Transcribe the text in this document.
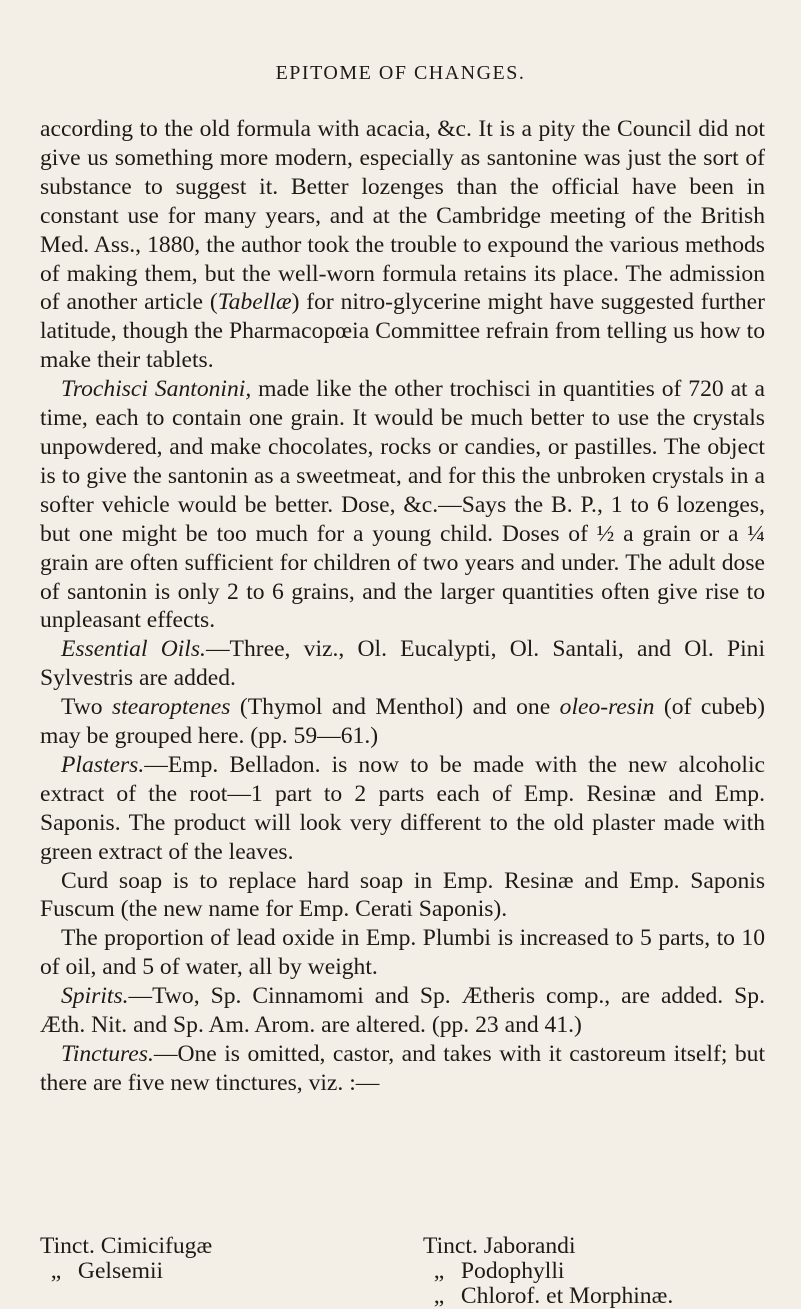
EPITOME OF CHANGES.

according to the old formula with acacia, &c. It is a pity the Council did not give us something more modern, especially as santonine was just the sort of substance to suggest it. Better lozenges than the official have been in constant use for many years, and at the Cambridge meeting of the British Med. Ass., 1880, the author took the trouble to expound the various methods of making them, but the well-worn formula retains its place. The admission of another article (Tabellæ) for nitro-glycerine might have suggested further latitude, though the Pharmacopœia Committee refrain from telling us how to make their tablets.

Trochisci Santonini, made like the other trochisci in quantities of 720 at a time, each to contain one grain. It would be much better to use the crystals unpowdered, and make chocolates, rocks or candies, or pastilles. The object is to give the santonin as a sweetmeat, and for this the unbroken crystals in a softer vehicle would be better. Dose, &c.—Says the B. P., 1 to 6 lozenges, but one might be too much for a young child. Doses of ½ a grain or a ¼ grain are often sufficient for children of two years and under. The adult dose of santonin is only 2 to 6 grains, and the larger quantities often give rise to unpleasant effects.

Essential Oils.—Three, viz., Ol. Eucalypti, Ol. Santali, and Ol. Pini Sylvestris are added.

Two stearoptenes (Thymol and Menthol) and one oleo-resin (of cubeb) may be grouped here. (pp. 59—61.)

Plasters.—Emp. Belladon. is now to be made with the new alcoholic extract of the root—1 part to 2 parts each of Emp. Resinæ and Emp. Saponis. The product will look very different to the old plaster made with green extract of the leaves.

Curd soap is to replace hard soap in Emp. Resinæ and Emp. Saponis Fuscum (the new name for Emp. Cerati Saponis).

The proportion of lead oxide in Emp. Plumbi is increased to 5 parts, to 10 of oil, and 5 of water, all by weight.

Spirits.—Two, Sp. Cinnamomi and Sp. Ætheris comp., are added. Sp. Æth. Nit. and Sp. Am. Arom. are altered. (pp. 23 and 41.)

Tinctures.—One is omitted, castor, and takes with it castoreum itself; but there are five new tinctures, viz. :—

Tinct. Cimicifugæ
„ Gelsemii
Tinct. Jaborandi
„ Podophylli
„ Chlorof. et Morphinæ.
